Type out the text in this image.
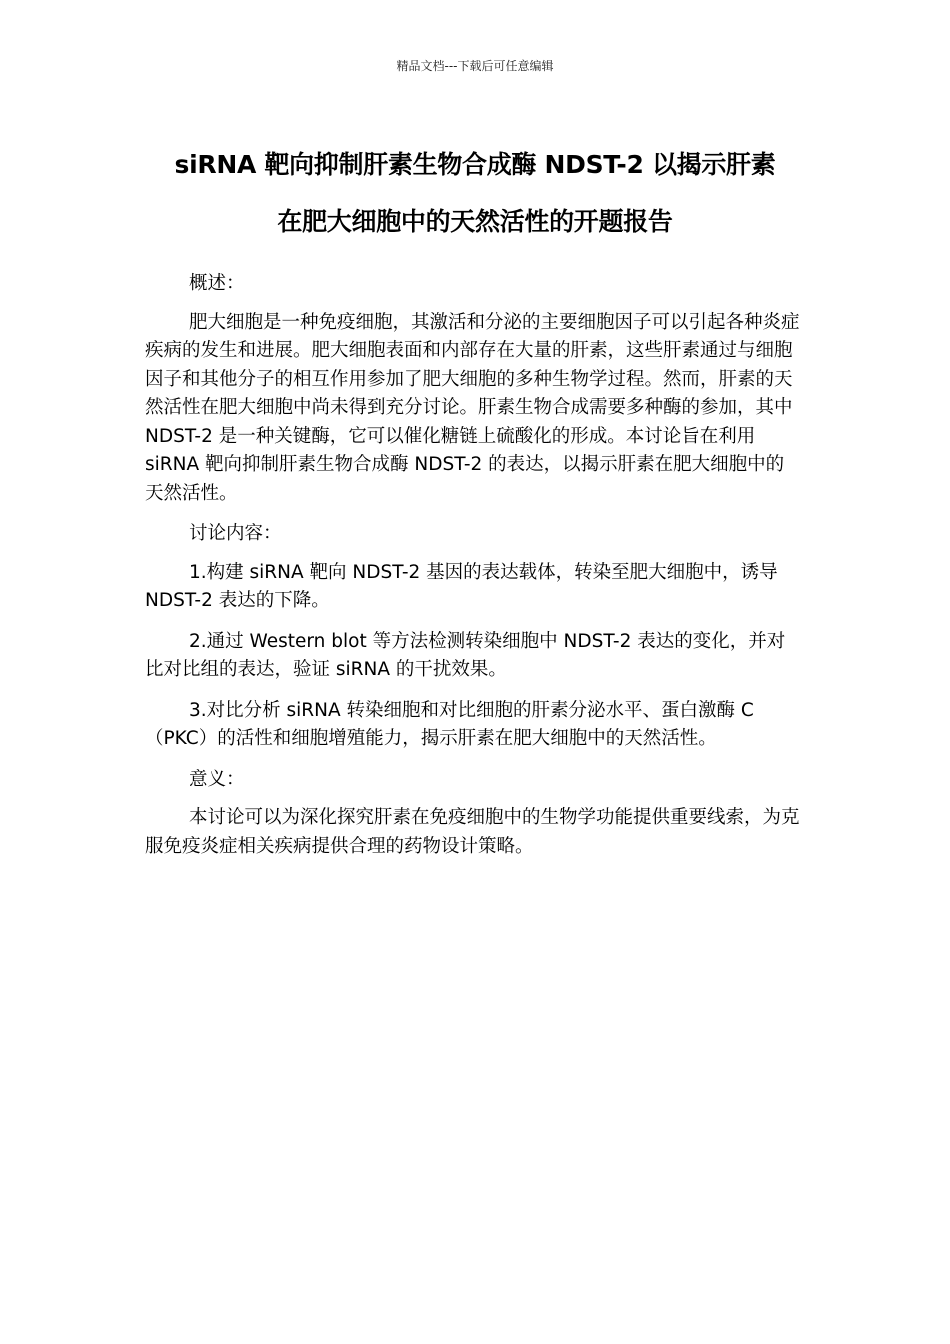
精品文档---下载后可任意编辑
siRNA 靶向抑制肝素生物合成酶 NDST-2 以揭示肝素
在肥大细胞中的天然活性的开题报告

概述：

肥大细胞是一种免疫细胞，其激活和分泌的主要细胞因子可以引起各种炎症疾病的发生和进展。肥大细胞表面和内部存在大量的肝素，这些肝素通过与细胞因子和其他分子的相互作用参加了肥大细胞的多种生物学过程。然而，肝素的天然活性在肥大细胞中尚未得到充分讨论。肝素生物合成需要多种酶的参加，其中 NDST-2 是一种关键酶，它可以催化糖链上硫酸化的形成。本讨论旨在利用 siRNA 靶向抑制肝素生物合成酶 NDST-2 的表达，以揭示肝素在肥大细胞中的天然活性。

讨论内容：

1.构建 siRNA 靶向 NDST-2 基因的表达载体，转染至肥大细胞中，诱导 NDST-2 表达的下降。

2.通过 Western blot 等方法检测转染细胞中 NDST-2 表达的变化，并对比对比组的表达，验证 siRNA 的干扰效果。

3.对比分析 siRNA 转染细胞和对比细胞的肝素分泌水平、蛋白激酶 C（PKC）的活性和细胞增殖能力，揭示肝素在肥大细胞中的天然活性。

意义：

本讨论可以为深化探究肝素在免疫细胞中的生物学功能提供重要线索，为克服免疫炎症相关疾病提供合理的药物设计策略。
